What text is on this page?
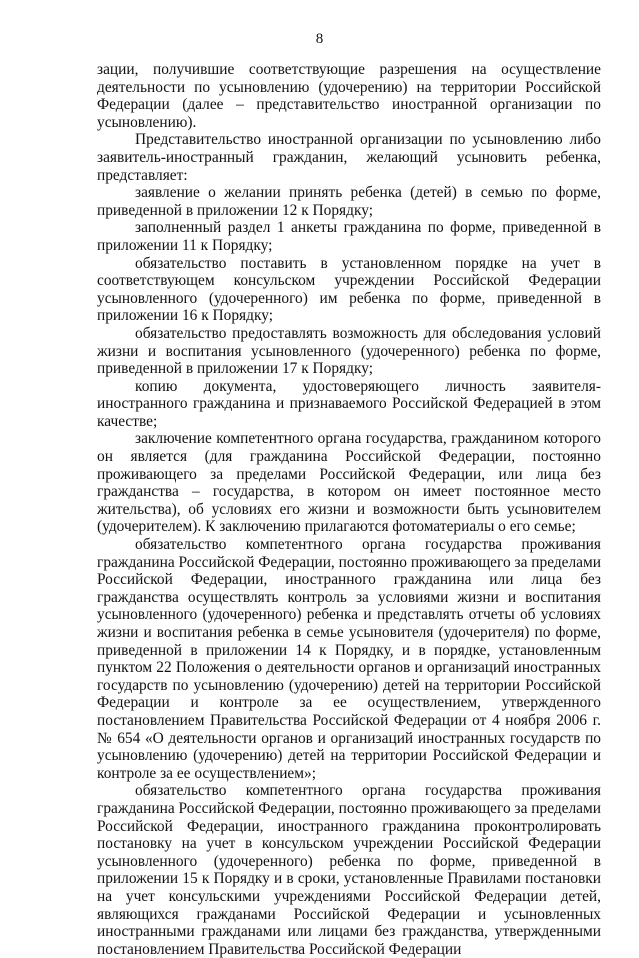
8

зации, получившие соответствующие разрешения на осуществление деятельности по усыновлению (удочерению) на территории Российской Федерации (далее – представительство иностранной организации по усыновлению).

Представительство иностранной организации по усыновлению либо заявитель-иностранный гражданин, желающий усыновить ребенка, представляет:

заявление о желании принять ребенка (детей) в семью по форме, приведенной в приложении 12 к Порядку;

заполненный раздел 1 анкеты гражданина по форме, приведенной в приложении 11 к Порядку;

обязательство поставить в установленном порядке на учет в соответствующем консульском учреждении Российской Федерации усыновленного (удочеренного) им ребенка по форме, приведенной в приложении 16 к Порядку;

обязательство предоставлять возможность для обследования условий жизни и воспитания усыновленного (удочеренного) ребенка по форме, приведенной в приложении 17 к Порядку;

копию документа, удостоверяющего личность заявителя-иностранного гражданина и признаваемого Российской Федерацией в этом качестве;

заключение компетентного органа государства, гражданином которого он является (для гражданина Российской Федерации, постоянно проживающего за пределами Российской Федерации, или лица без гражданства – государства, в котором он имеет постоянное место жительства), об условиях его жизни и возможности быть усыновителем (удочерителем). К заключению прилагаются фотоматериалы о его семье;

обязательство компетентного органа государства проживания гражданина Российской Федерации, постоянно проживающего за пределами Российской Федерации, иностранного гражданина или лица без гражданства осуществлять контроль за условиями жизни и воспитания усыновленного (удочеренного) ребенка и представлять отчеты об условиях жизни и воспитания ребенка в семье усыновителя (удочерителя) по форме, приведенной в приложении 14 к Порядку, и в порядке, установленным пунктом 22 Положения о деятельности органов и организаций иностранных государств по усыновлению (удочерению) детей на территории Российской Федерации и контроле за ее осуществлением, утвержденного постановлением Правительства Российской Федерации от 4 ноября 2006 г. № 654 «О деятельности органов и организаций иностранных государств по усыновлению (удочерению) детей на территории Российской Федерации и контроле за ее осуществлением»;

обязательство компетентного органа государства проживания гражданина Российской Федерации, постоянно проживающего за пределами Российской Федерации, иностранного гражданина проконтролировать постановку на учет в консульском учреждении Российской Федерации усыновленного (удочеренного) ребенка по форме, приведенной в приложении 15 к Порядку и в сроки, установленные Правилами постановки на учет консульскими учреждениями Российской Федерации детей, являющихся гражданами Российской Федерации и усыновленных иностранными гражданами или лицами без гражданства, утвержденными постановлением Правительства Российской Федерации
